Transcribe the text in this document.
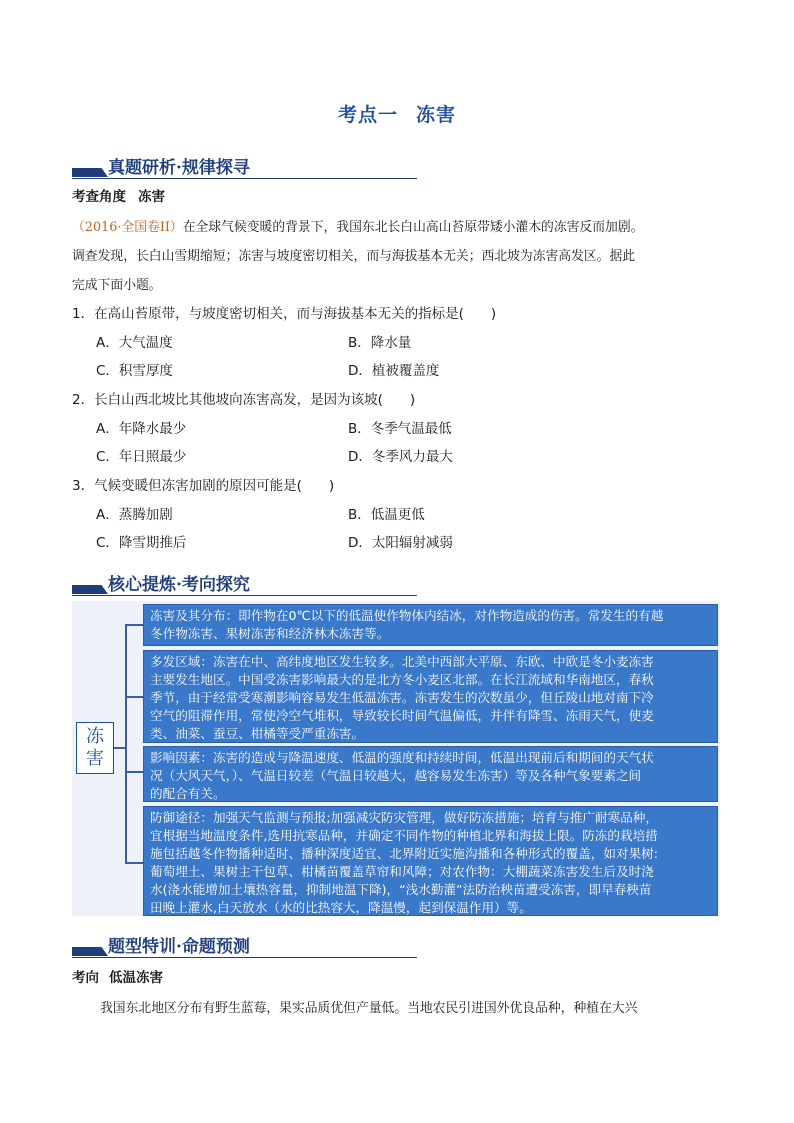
考点一 冻害
真题研析·规律探寻
考查角度 冻害
（2016·全国卷II）在全球气候变暖的背景下，我国东北长白山高山苔原带矮小灌木的冻害反而加剧。
调查发现，长白山雪期缩短；冻害与坡度密切相关，而与海拔基本无关；西北坡为冻害高发区。据此
完成下面小题。
1．在高山苔原带，与坡度密切相关，而与海拔基本无关的指标是(　　)
A．大气温度	B．降水量
C．积雪厚度	D．植被覆盖度
2．长白山西北坡比其他坡向冻害高发，是因为该坡(　　)
A．年降水最少	B．冬季气温最低
C．年日照最少	D．冬季风力最大
3．气候变暖但冻害加剧的原因可能是(　　)
A．蒸腾加剧	B．低温更低
C．降雪期推后	D．太阳辐射减弱
核心提炼·考向探究
冻
害

冻害及其分布：即作物在0℃以下的低温使作物体内结冰，对作物造成的伤害。常发生的有越

冬作物冻害、果树冻害和经济林木冻害等。

多发区域：冻害在中、高纬度地区发生较多。北美中西部大平原、东欧、中欧是冬小麦冻害

主要发生地区。中国受冻害影响最大的是北方冬小麦区北部。在长江流域和华南地区，春秋

季节，由于经常受寒潮影响容易发生低温冻害。冻害发生的次数虽少，但丘陵山地对南下冷

空气的阻滞作用，常使冷空气堆积，导致较长时间气温偏低，并伴有降雪、冻雨天气，使麦

类、油菜、蚕豆、柑橘等受严重冻害。

影响因素：冻害的造成与降温速度、低温的强度和持续时间，低温出现前后和期间的天气状

况（大风天气，）、气温日较差（气温日较越大，越容易发生冻害）等及各种气象要素之间

的配合有关。

防御途径：加强天气监测与预报;加强减灾防灾管理，做好防冻措施；培育与推广耐寒品种，

宜根据当地温度条件,选用抗寒品种，并确定不同作物的种植北界和海拔上限。防冻的栽培措

施包括越冬作物播种适时、播种深度适宜、北界附近实施沟播和各种形式的覆盖，如对果树:

葡萄埋土、果树主干包草、柑橘苗覆盖草帘和风障；对农作物：大棚蔬菜冻害发生后及时浇

水(浇水能增加土壤热容量，抑制地温下降)，“浅水勤灌”法防治秧苗遭受冻害，即早春秧苗

田晚上灌水,白天放水（水的比热容大，降温慢，起到保温作用）等。

题型特训·命题预测
考向 低温冻害
我国东北地区分布有野生蓝莓，果实品质优但产量低。当地农民引进国外优良品种，种植在大兴
